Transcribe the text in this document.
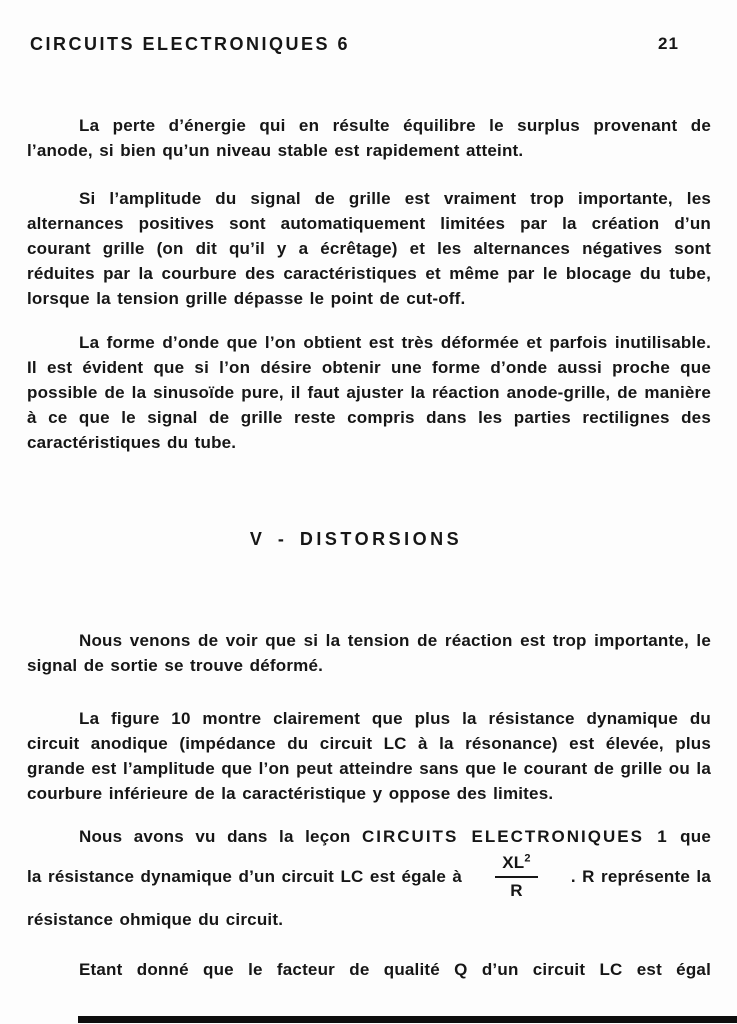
CIRCUITS ELECTRONIQUES 6	21

La perte d’énergie qui en résulte équilibre le surplus provenant de l’anode, si bien qu’un niveau stable est rapidement atteint.

Si l’amplitude du signal de grille est vraiment trop importante, les alternances positives sont automatiquement limitées par la création d’un courant grille (on dit qu’il y a écrêtage) et les alternances négatives sont réduites par la courbure des caractéristiques et même par le blocage du tube, lorsque la tension grille dépasse le point de cut-off.

La forme d’onde que l’on obtient est très déformée et parfois inutilisable. Il est évident que si l’on désire obtenir une forme d’onde aussi proche que possible de la sinusoïde pure, il faut ajuster la réaction anode-grille, de manière à ce que le signal de grille reste compris dans les parties rectilignes des caractéristiques du tube.

V - DISTORSIONS

Nous venons de voir que si la tension de réaction est trop importante, le signal de sortie se trouve déformé.

La figure 10 montre clairement que plus la résistance dynamique du circuit anodique (impédance du circuit LC à la résonance) est élevée, plus grande est l’amplitude que l’on peut atteindre sans que le courant de grille ou la courbure inférieure de la caractéristique y oppose des limites.

Nous avons vu dans la leçon CIRCUITS ELECTRONIQUES 1 que
la résistance dynamique d’un circuit LC est égale à $\frac{XL^2}{R}$ . R représente la
résistance ohmique du circuit.

Etant donné que le facteur de qualité Q d’un circuit LC est égal
